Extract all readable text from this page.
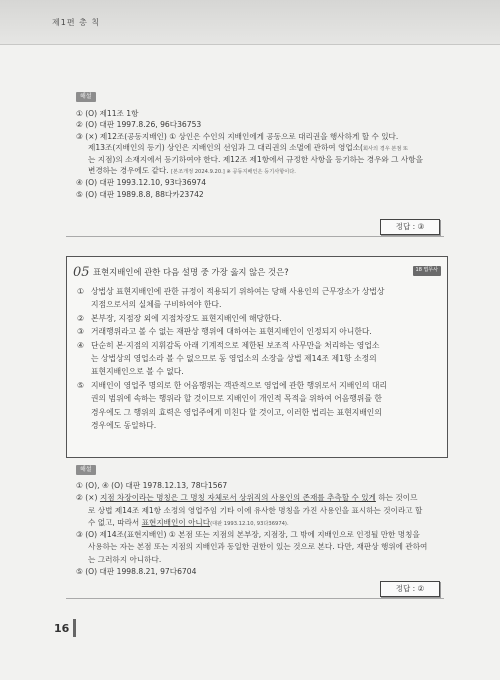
제1편 총 칙
해설
① (O) 제11조 1항
② (O) 대판 1997.8.26, 96다36753
③ (×) 제12조(공동지배인) ① 상인은 수인의 지배인에게 공동으로 대리권을 행사하게 할 수 있다.
제13조(지배인의 등기) 상인은 지배인의 선임과 그 대리권의 소멸에 관하여 영업소(회사의 경우 본점 또
는 지점)의 소재지에서 등기하여야 한다. 제12조 제1항에서 규정한 사항을 등기하는 경우와 그 사항을
변경하는 경우에도 같다. [본조개정 2024.9.20.] ※ 공동지배인은 등기사항이다.
④ (O) 대판 1993.12.10, 93다36974
⑤ (O) 대판 1989.8.8, 88다카23742
정답 : ③
05 표현지배인에 관한 다음 설명 중 가장 옳지 않은 것은?	18 법무사
① 상법상 표현지배인에 관한 규정이 적용되기 위하여는 당해 사용인의 근무장소가 상법상
지점으로서의 실체를 구비하여야 한다.
② 본부장, 지점장 외에 지점차장도 표현지배인에 해당한다.
③ 거래행위라고 볼 수 없는 재판상 행위에 대하여는 표현지배인이 인정되지 아니한다.
④ 단순히 본·지점의 지휘감독 아래 기계적으로 제한된 보조적 사무만을 처리하는 영업소
는 상법상의 영업소라 볼 수 없으므로 동 영업소의 소장을 상법 제14조 제1항 소정의
표현지배인으로 볼 수 없다.
⑤ 지배인이 영업주 명의로 한 어음행위는 객관적으로 영업에 관한 행위로서 지배인의 대리
권의 범위에 속하는 행위라 할 것이므로 지배인이 개인적 목적을 위하여 어음행위를 한
경우에도 그 행위의 효력은 영업주에게 미친다 할 것이고, 이러한 법리는 표현지배인의
경우에도 동일하다.
해설
① (O), ④ (O) 대판 1978.12.13, 78다1567
② (×) 지점 차장이라는 명칭은 그 명칭 자체로서 상위직의 사용인의 존재를 추측할 수 있게 하는 것이므
로 상법 제14조 제1항 소정의 영업주임 기타 이에 유사한 명칭을 가진 사용인을 표시하는 것이라고 할
수 없고, 따라서 표현지배인이 아니다(대판 1993.12.10, 93다36974).
③ (O) 제14조(표현지배인) ① 본점 또는 지점의 본부장, 지점장, 그 밖에 지배인으로 인정될 만한 명칭을
사용하는 자는 본점 또는 지점의 지배인과 동일한 권한이 있는 것으로 본다. 다만, 재판상 행위에 관하여
는 그러하지 아니하다.
⑤ (O) 대판 1998.8.21, 97다6704
정답 : ②
16
